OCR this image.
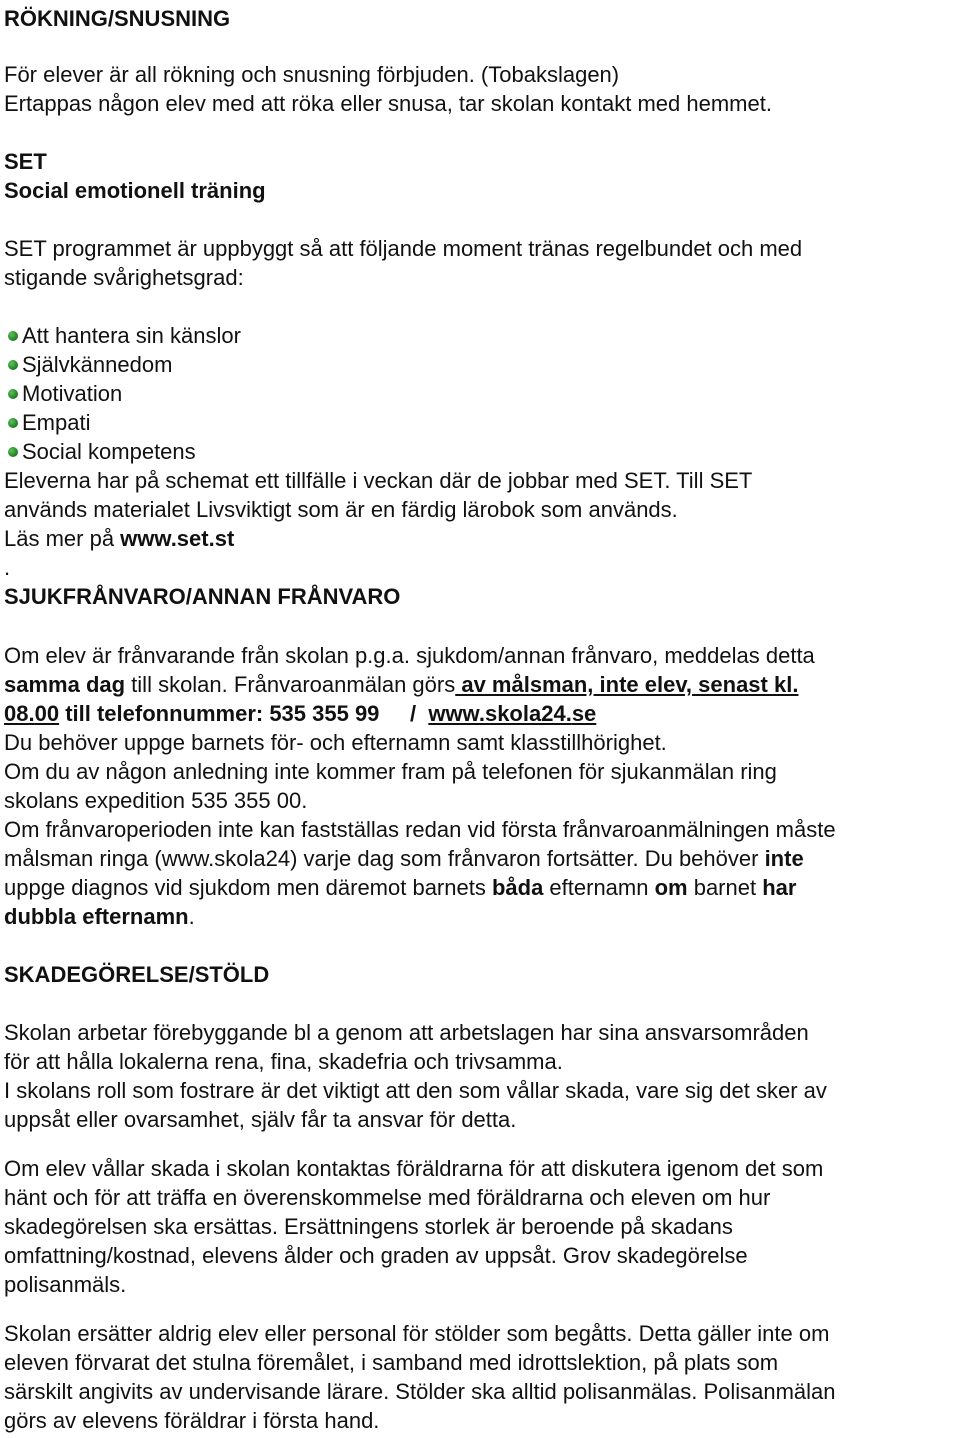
RÖKNING/SNUSNING
För elever är all rökning och snusning förbjuden. (Tobakslagen)
Ertappas någon elev med att röka eller snusa, tar skolan kontakt med hemmet.
SET
Social emotionell träning
SET programmet är uppbyggt så att följande moment tränas regelbundet och med
stigande svårighetsgrad:
Att hantera sin känslor
Självkännedom
Motivation
Empati
Social kompetens
Eleverna har på schemat ett tillfälle i veckan där de jobbar med SET. Till SET
används materialet Livsviktigt som är en färdig lärobok som används.
Läs mer på www.set.st
.
SJUKFRÅNVARO/ANNAN FRÅNVARO
Om elev är frånvarande från skolan p.g.a. sjukdom/annan frånvaro, meddelas detta
samma dag till skolan. Frånvaroanmälan görs av målsman, inte elev, senast kl.
08.00 till telefonnummer: 535 355 99     /  www.skola24.se
Du behöver uppge barnets för- och efternamn samt klasstillhörighet.
Om du av någon anledning inte kommer fram på telefonen för sjukanmälan ring
skolans expedition 535 355 00.
Om frånvaroperioden inte kan fastställas redan vid första frånvaroanmälningen måste
målsman ringa (www.skola24) varje dag som frånvaron fortsätter. Du behöver inte
uppge diagnos vid sjukdom men däremot barnets båda efternamn om barnet har
dubbla efternamn.
SKADEGÖRELSE/STÖLD
Skolan arbetar förebyggande bl a genom att arbetslagen har sina ansvarsområden
för att hålla lokalerna rena, fina, skadefria och trivsamma.
I skolans roll som fostrare är det viktigt att den som vållar skada, vare sig det sker av
uppsåt eller ovarsamhet, själv får ta ansvar för detta.
Om elev vållar skada i skolan kontaktas föräldrarna för att diskutera igenom det som
hänt och för att träffa en överenskommelse med föräldrarna och eleven om hur
skadegörelsen ska ersättas. Ersättningens storlek är beroende på skadans
omfattning/kostnad, elevens ålder och graden av uppsåt. Grov skadegörelse
polisanmäls.
Skolan ersätter aldrig elev eller personal för stölder som begåtts. Detta gäller inte om
eleven förvarat det stulna föremålet, i samband med idrottslektion, på plats som
särskilt angivits av undervisande lärare. Stölder ska alltid polisanmälas. Polisanmälan
görs av elevens föräldrar i första hand.
